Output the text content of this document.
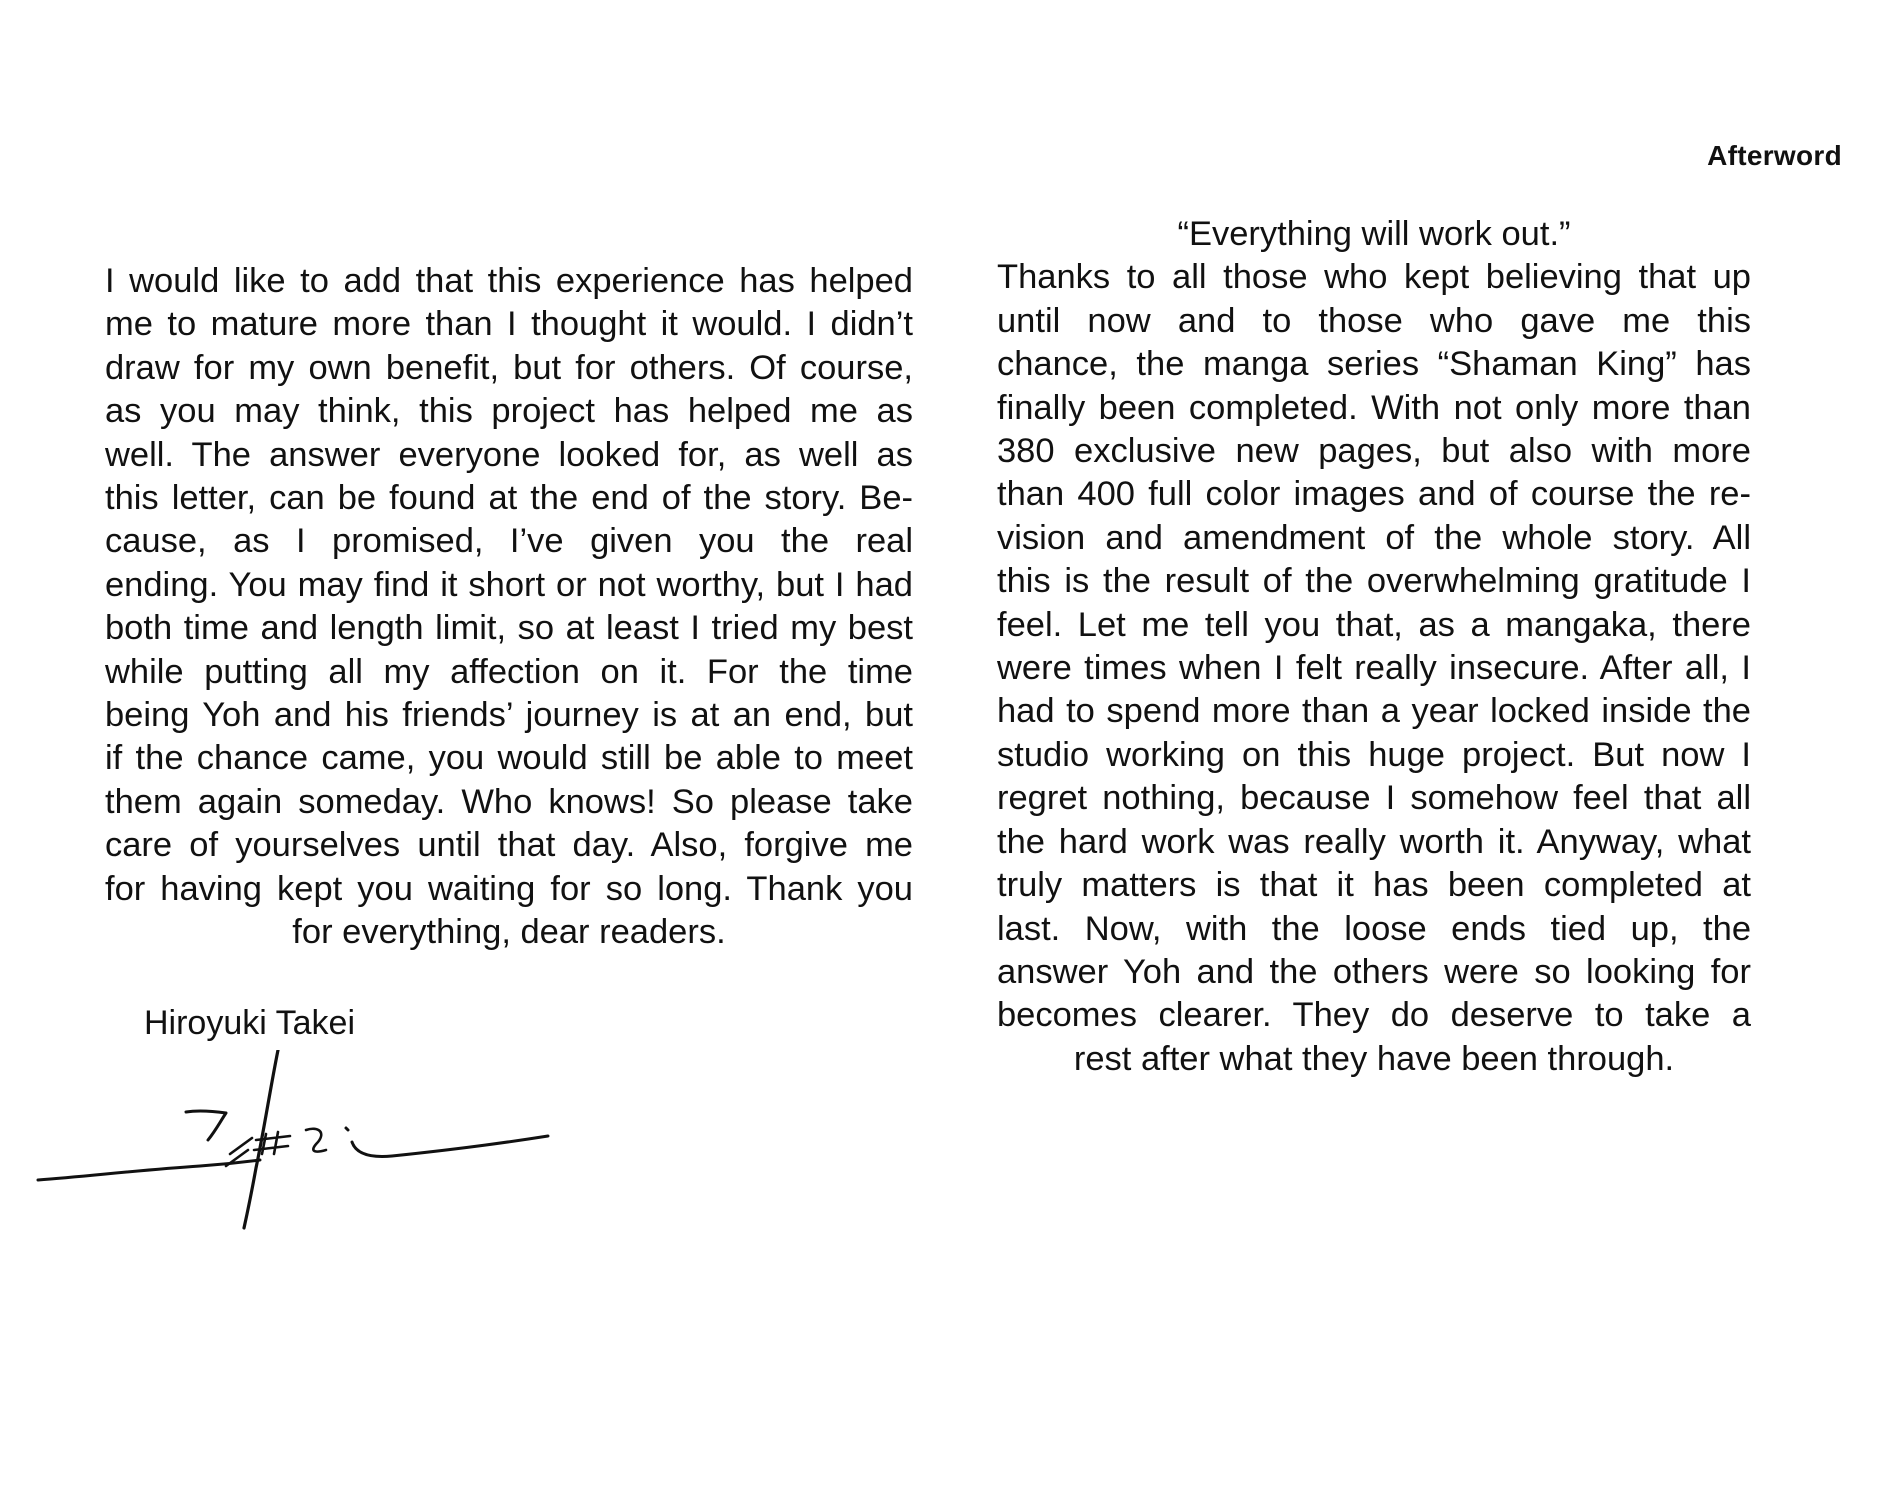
Afterword
I would like to add that this experience has helped
me to mature more than I thought it would. I didn’t
draw for my own benefit, but for others. Of course,
as you may think, this project has helped me as
well. The answer everyone looked for, as well as
this letter, can be found at the end of the story. Be-
cause, as I promised, I’ve given you the real
ending. You may find it short or not worthy, but I had
both time and length limit, so at least I tried my best
while putting all my affection on it. For the time
being Yoh and his friends’ journey is at an end, but
if the chance came, you would still be able to meet
them again someday. Who knows! So please take
care of yourselves until that day. Also, forgive me
for having kept you waiting for so long. Thank you
for everything, dear readers.
Hiroyuki Takei
“Everything will work out.”
Thanks to all those who kept believing that up
until now and to those who gave me this
chance, the manga series “Shaman King” has
finally been completed. With not only more than
380 exclusive new pages, but also with more
than 400 full color images and of course the re-
vision and amendment of the whole story. All
this is the result of the overwhelming gratitude I
feel. Let me tell you that, as a mangaka, there
were times when I felt really insecure. After all, I
had to spend more than a year locked inside the
studio working on this huge project. But now I
regret nothing, because I somehow feel that all
the hard work was really worth it. Anyway, what
truly matters is that it has been completed at
last. Now, with the loose ends tied up, the
answer Yoh and the others were so looking for
becomes clearer. They do deserve to take a
rest after what they have been through.
